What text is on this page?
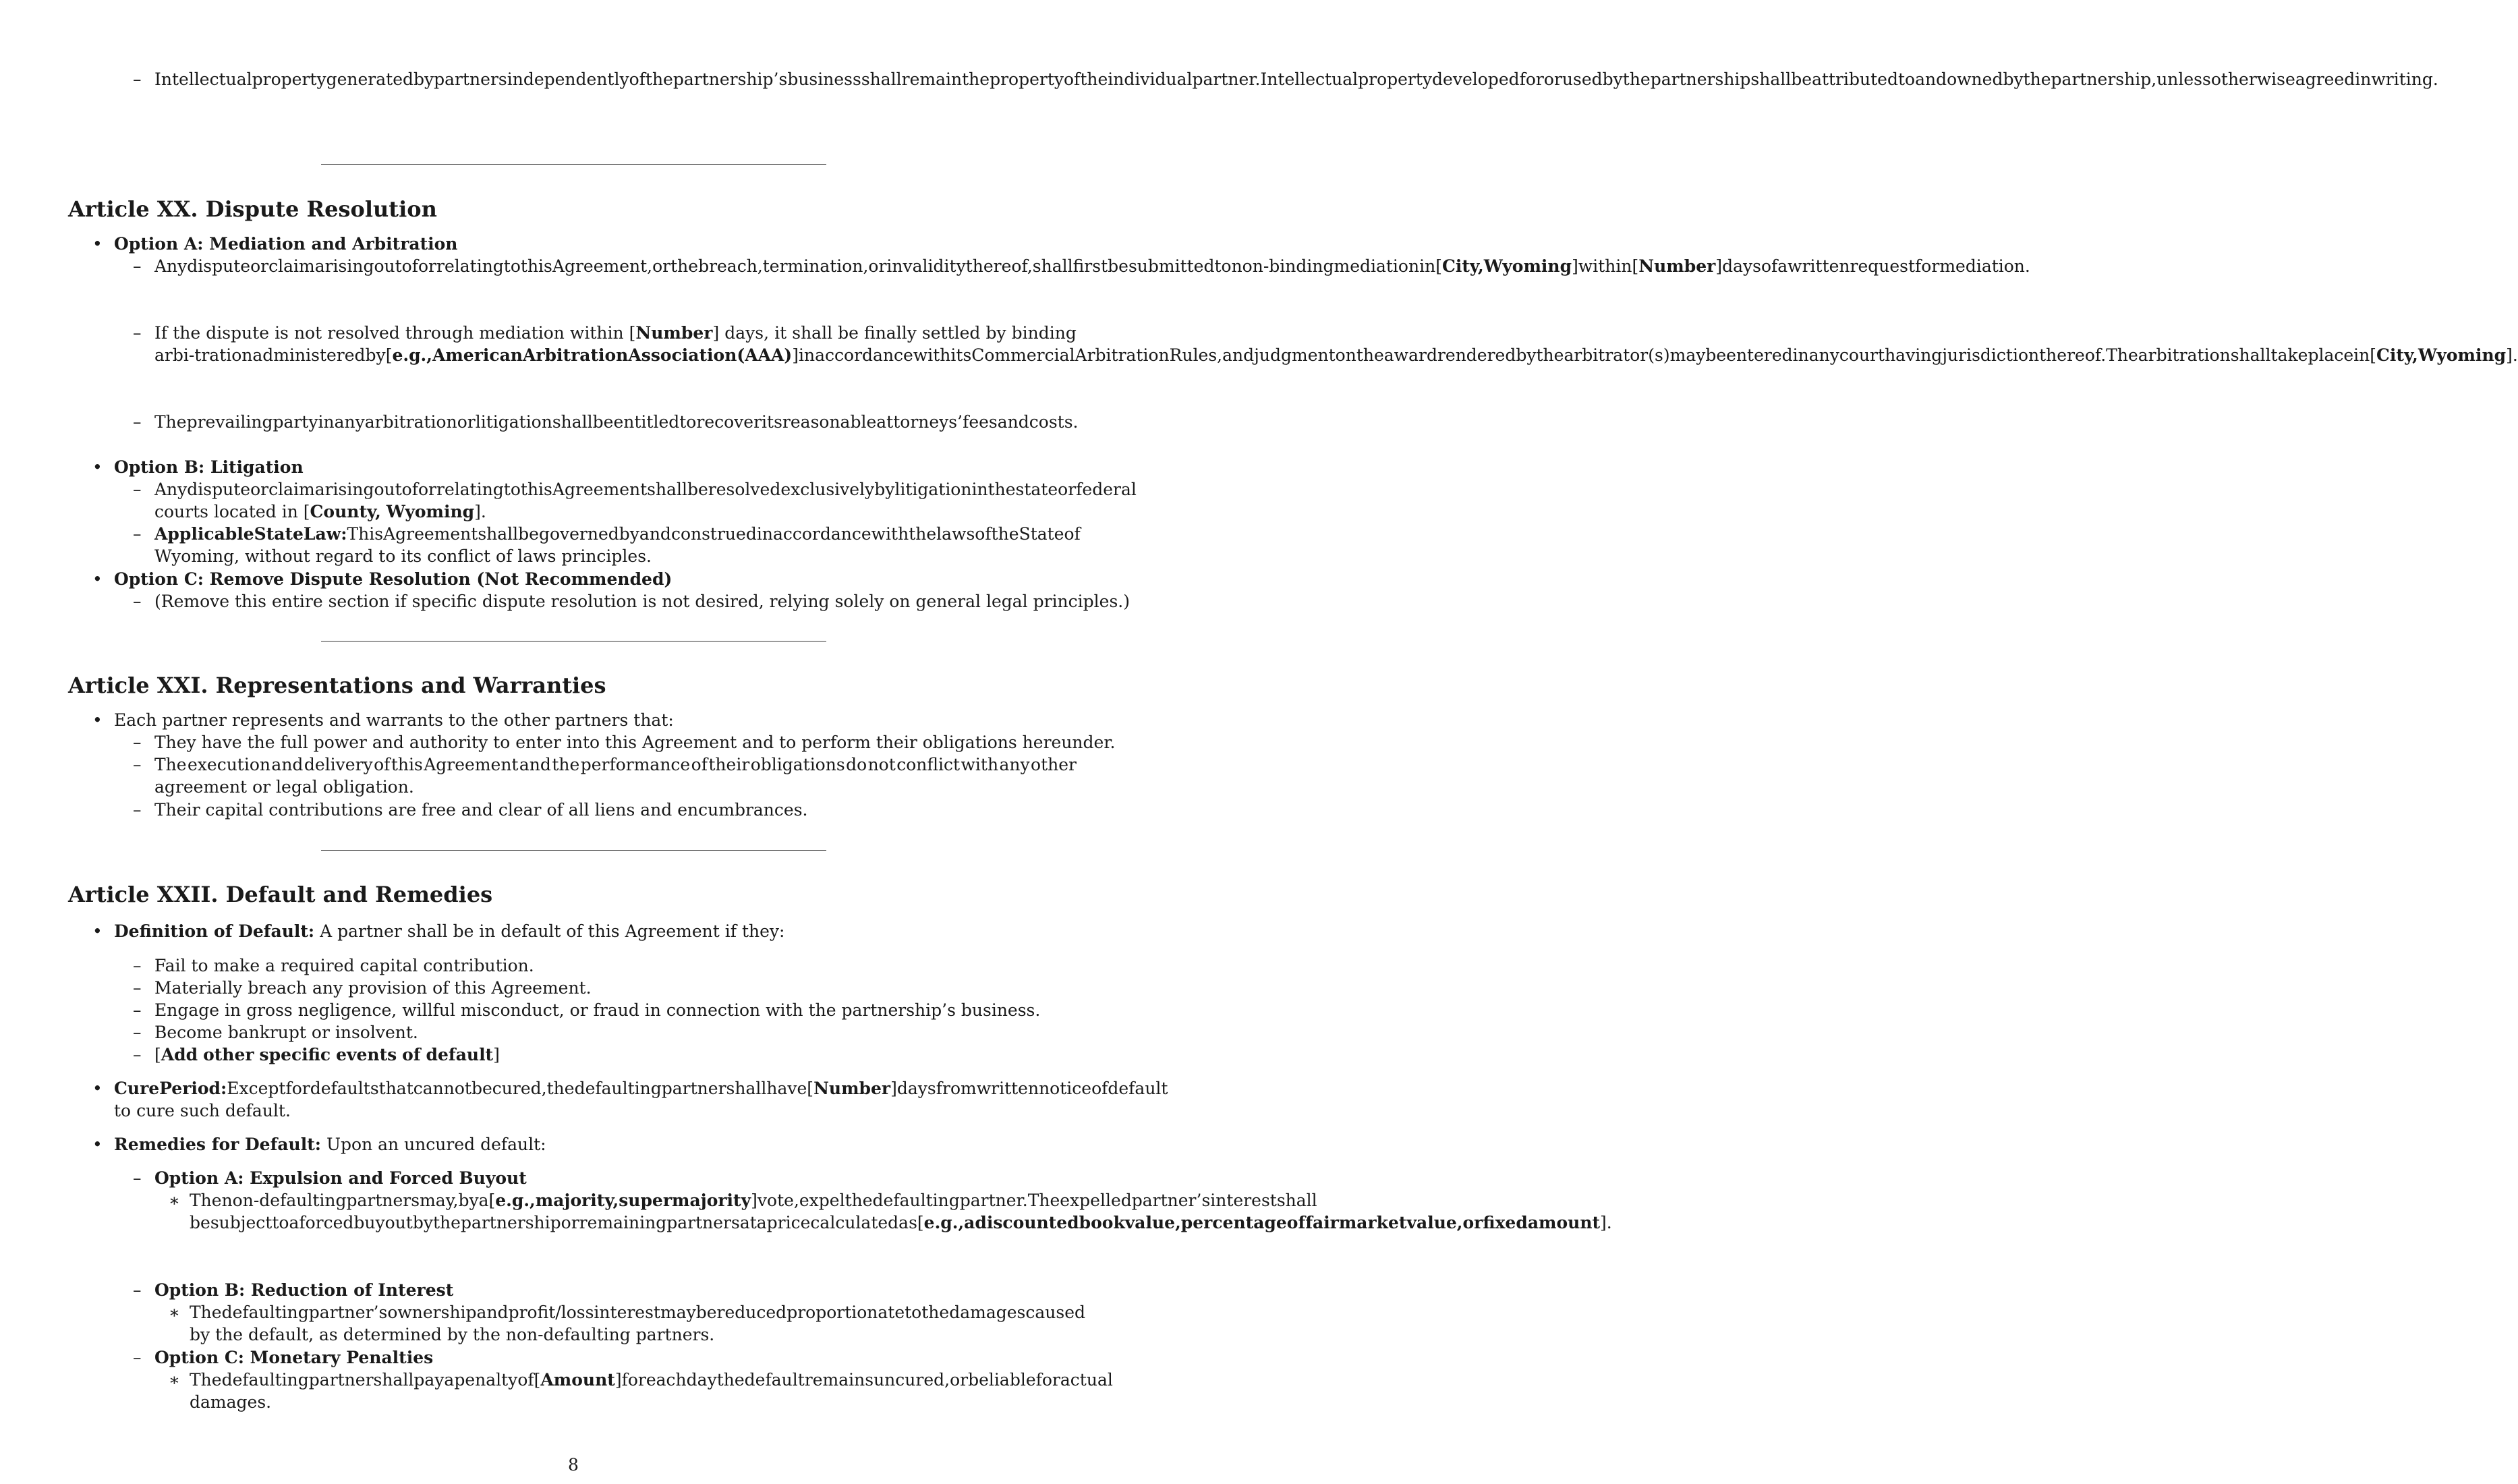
– Intellectual property generated by partners independently of the partnership’s business shall remain the property of the individual partner. Intellectual property developed for or used by the partnership shall be attributed to and owned by the partnership, unless otherwise agreed in writing.
Article XX. Dispute Resolution
• Option A: Mediation and Arbitration
– Any dispute or claim arising out of or relating to this Agreement, or the breach, termination, or invalidity thereof, shall first be submitted to non-binding mediation in [City, Wyoming] within [Number] days of a written request for mediation.
– If the dispute is not resolved through mediation within [Number] days, it shall be finally settled by binding
arbi-tration administered by [e.g., American Arbitration Association (AAA)] in accordance with its Commercial Arbitration Rules, and judgment on the award rendered by the arbitrator(s) may be entered in any court having jurisdiction thereof. The arbitration shall take place in [City, Wyoming].
– The prevailing party in any arbitration or litigation shall be entitled to recover its reasonable attorneys’ fees and costs.
• Option B: Litigation
– Any dispute or claim arising out of or relating to this Agreement shall be resolved exclusively by litigation in the state or federal
courts located in [County, Wyoming].
– Applicable State Law: This Agreement shall be governed by and construed in accordance with the laws of the State of
Wyoming, without regard to its conflict of laws principles.
• Option C: Remove Dispute Resolution (Not Recommended)
– (Remove this entire section if specific dispute resolution is not desired, relying solely on general legal principles.)
Article XXI. Representations and Warranties
• Each partner represents and warrants to the other partners that:
– They have the full power and authority to enter into this Agreement and to perform their obligations hereunder.
– The execution and delivery of this Agreement and the performance of their obligations do not conflict with any other
agreement or legal obligation.
– Their capital contributions are free and clear of all liens and encumbrances.
Article XXII. Default and Remedies
• Definition of Default: A partner shall be in default of this Agreement if they:
– Fail to make a required capital contribution.
– Materially breach any provision of this Agreement.
– Engage in gross negligence, willful misconduct, or fraud in connection with the partnership’s business.
– Become bankrupt or insolvent.
– [Add other specific events of default]
• Cure Period: Except for defaults that cannot be cured, the defaulting partner shall have [Number] days from written notice of default
to cure such default.
• Remedies for Default: Upon an uncured default:
– Option A: Expulsion and Forced Buyout
∗ The non-defaulting partners may, by a [e.g., majority, supermajority] vote, expel the defaulting partner. The expelled partner’s interest shall
be subject to a forced buyout by the partnership or remaining partners at a price calculated as [e.g., a discounted book value, percentage of fair market value, or fixed amount].
– Option B: Reduction of Interest
∗ The defaulting partner’s ownership and profit/loss interest may be reduced proportionate to the damages caused
by the default, as determined by the non-defaulting partners.
– Option C: Monetary Penalties
∗ The defaulting partner shall pay a penalty of [Amount] for each day the default remains uncured, or be liable for actual
damages.
8
